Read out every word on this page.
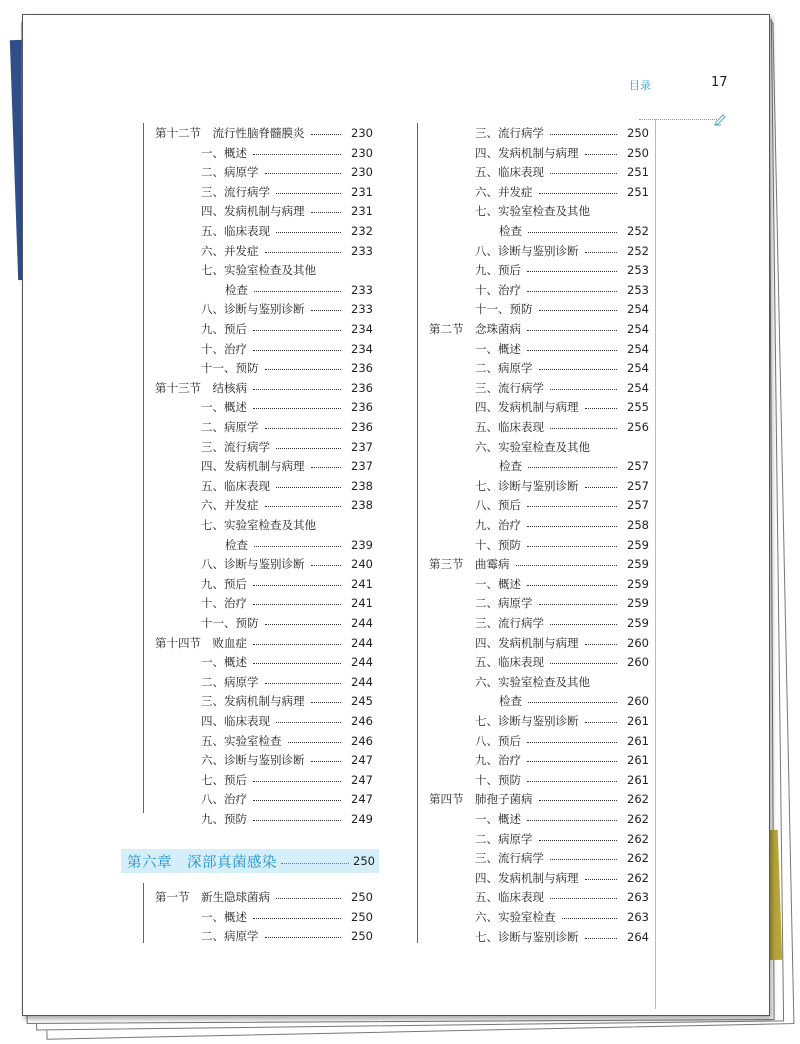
目录	17
第十二节　流行性脑脊髓膜炎	230
一、概述	230
二、病原学	230
三、流行病学	231
四、发病机制与病理	231
五、临床表现	232
六、并发症	233
七、实验室检查及其他
检查	233
八、诊断与鉴别诊断	233
九、预后	234
十、治疗	234
十一、预防	236
第十三节　结核病	236
一、概述	236
二、病原学	236
三、流行病学	237
四、发病机制与病理	237
五、临床表现	238
六、并发症	238
七、实验室检查及其他
检查	239
八、诊断与鉴别诊断	240
九、预后	241
十、治疗	241
十一、预防	244
第十四节　败血症	244
一、概述	244
二、病原学	244
三、发病机制与病理	245
四、临床表现	246
五、实验室检查	246
六、诊断与鉴别诊断	247
七、预后	247
八、治疗	247
九、预防	249
第六章　深部真菌感染	250
第一节　新生隐球菌病	250
一、概述	250
二、病原学	250
三、流行病学	250
四、发病机制与病理	250
五、临床表现	251
六、并发症	251
七、实验室检查及其他
检查	252
八、诊断与鉴别诊断	252
九、预后	253
十、治疗	253
十一、预防	254
第二节　念珠菌病	254
一、概述	254
二、病原学	254
三、流行病学	254
四、发病机制与病理	255
五、临床表现	256
六、实验室检查及其他
检查	257
七、诊断与鉴别诊断	257
八、预后	257
九、治疗	258
十、预防	259
第三节　曲霉病	259
一、概述	259
二、病原学	259
三、流行病学	259
四、发病机制与病理	260
五、临床表现	260
六、实验室检查及其他
检查	260
七、诊断与鉴别诊断	261
八、预后	261
九、治疗	261
十、预防	261
第四节　肺孢子菌病	262
一、概述	262
二、病原学	262
三、流行病学	262
四、发病机制与病理	262
五、临床表现	263
六、实验室检查	263
七、诊断与鉴别诊断	264
